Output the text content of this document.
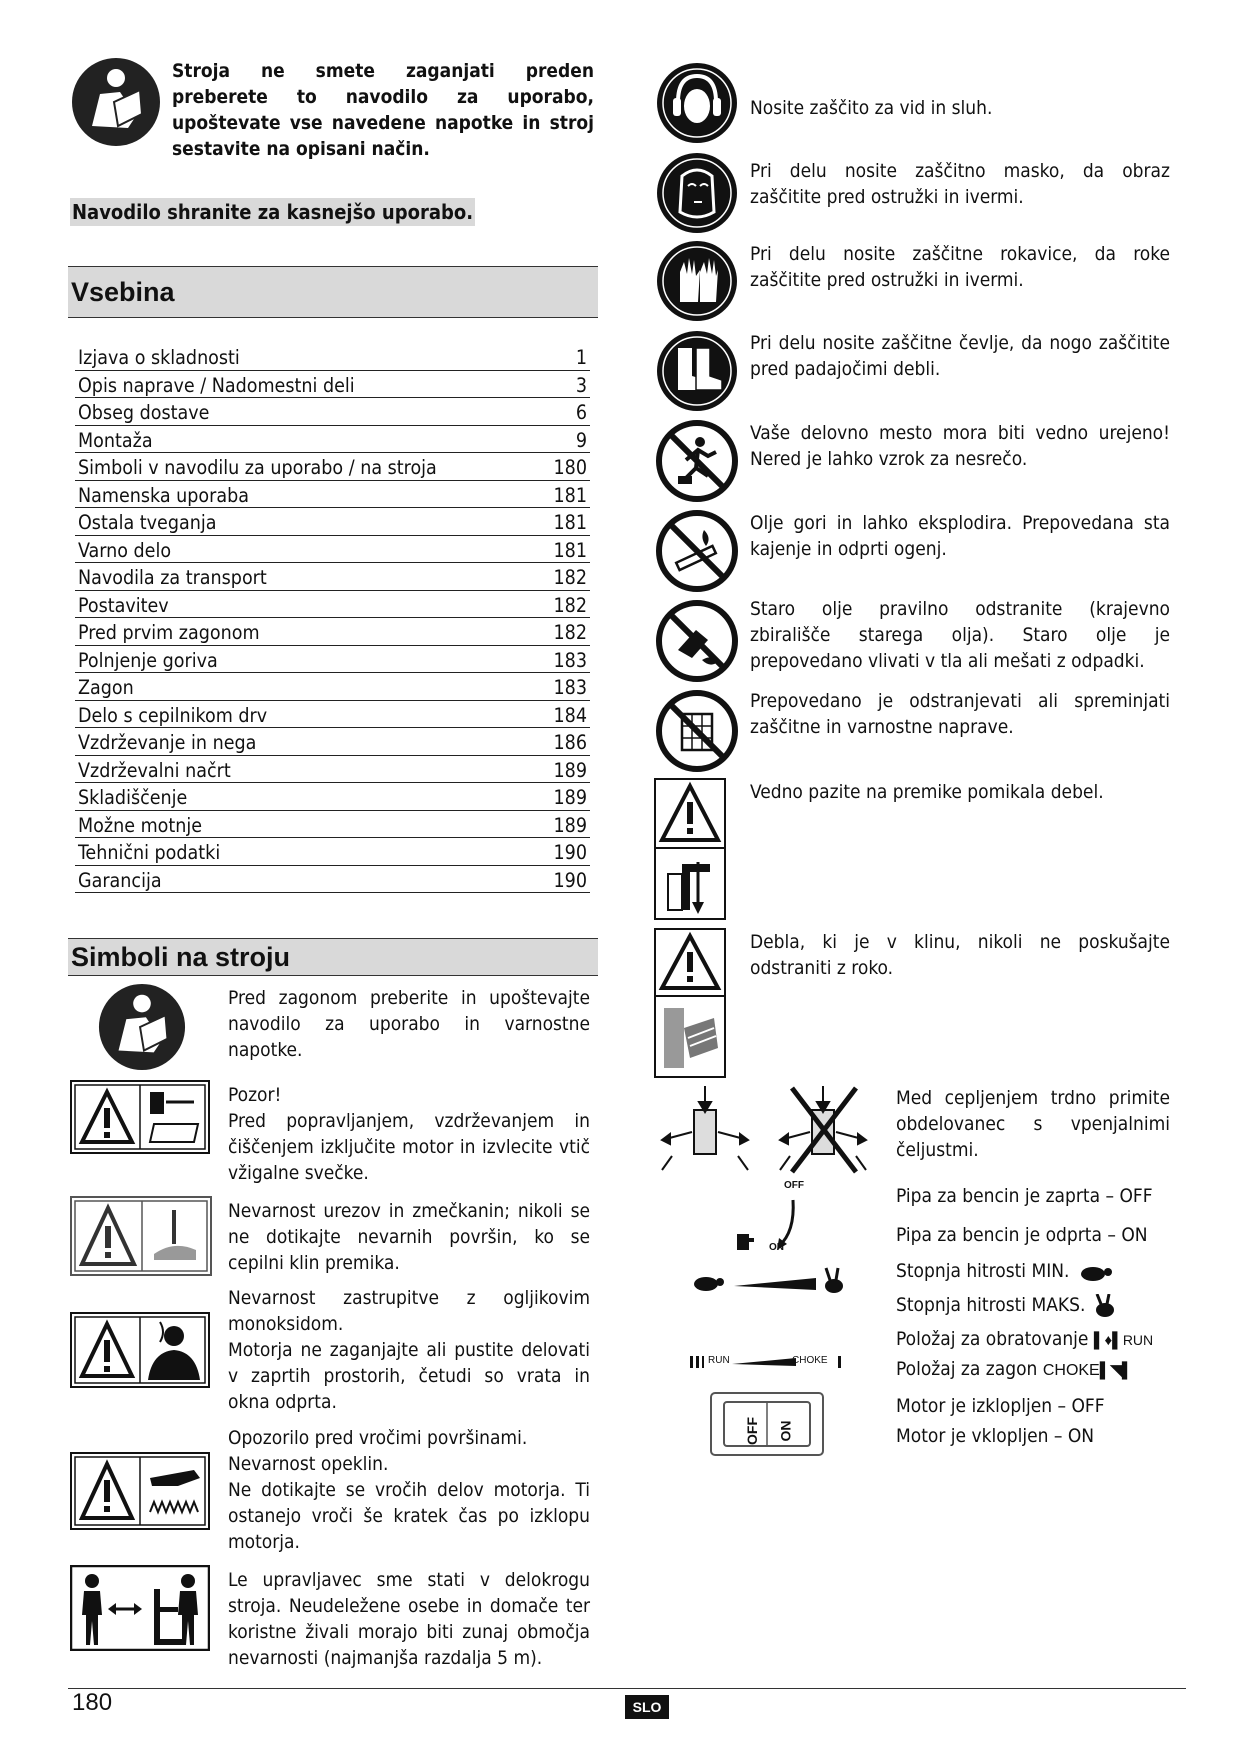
Stroja ne smete zaganjati preden preberete to navodilo za uporabo, upoštevate vse navedene napotke in stroj sestavite na opisani način.
Navodilo shranite za kasnejšo uporabo.
Vsebina
Izjava o skladnosti	1
Opis naprave / Nadomestni deli	3
Obseg dostave	6
Montaža	9
Simboli v navodilu za uporabo / na stroja	180
Namenska uporaba	181
Ostala tveganja	181
Varno delo	181
Navodila za transport	182
Postavitev	182
Pred prvim zagonom	182
Polnjenje goriva	183
Zagon	183
Delo s cepilnikom drv	184
Vzdrževanje in nega	186
Vzdrževalni načrt	189
Skladiščenje	189
Možne motnje	189
Tehnični podatki	190
Garancija	190
Simboli na stroju
Pred zagonom preberite in upoštevajte navodilo za uporabo in varnostne napotke.

Pozor!

Pred popravljanjem, vzdrževanjem in čiščenjem izključite motor in izvlecite vtič vžigalne svečke.

Nevarnost urezov in zmečkanin; nikoli se ne dotikajte nevarnih površin, ko se cepilni klin premika.

Nevarnost zastrupitve z ogljikovim monoksidom.

Motorja ne zaganjajte ali pustite delovati v zaprtih prostorih, četudi so vrata in okna odprta.

Opozorilo pred vročimi površinami.

Nevarnost opeklin.

Ne dotikajte se vročih delov motorja. Ti ostanejo vroči še kratek čas po izklopu motorja.

Le upravljavec sme stati v delokrogu stroja. Neudeležene osebe in domače ter koristne živali morajo biti zunaj območja nevarnosti (najmanjša razdalja 5 m).
Nosite zaščito za vid in sluh.
Pri delu nosite zaščitno masko, da obraz zaščitite pred ostružki in ivermi.
Pri delu nosite zaščitne rokavice, da roke zaščitite pred ostružki in ivermi.
Pri delu nosite zaščitne čevlje, da nogo zaščitite pred padajočimi debli.
Vaše delovno mesto mora biti vedno urejeno! Nered je lahko vzrok za nesrečo.
Olje gori in lahko eksplodira. Prepovedana sta kajenje in odprti ogenj.
Staro olje pravilno odstranite (krajevno zbirališče starega olja). Staro olje je prepovedano vlivati v tla ali mešati z odpadki.
Prepovedano je odstranjevati ali spreminjati zaščitne in varnostne naprave.
Vedno pazite na premike pomikala debel.
Debla, ki je v klinu, nikoli ne poskušajte odstraniti z roko.
Med cepljenjem trdno primite obdelovanec s vpenjalnimi čeljustmi.
OFF
ON
Pipa za bencin je zaprta – OFF
Pipa za bencin je odprta – ON
Stopnja hitrosti MIN.
Stopnja hitrosti MAKS.
RUN	CHOKE
Položaj za obratovanje ▌♦▌RUN
Položaj za zagon CHOKE▌◥▌
OFF ON
Motor je izklopljen – OFF
Motor je vklopljen – ON
180	SLO
